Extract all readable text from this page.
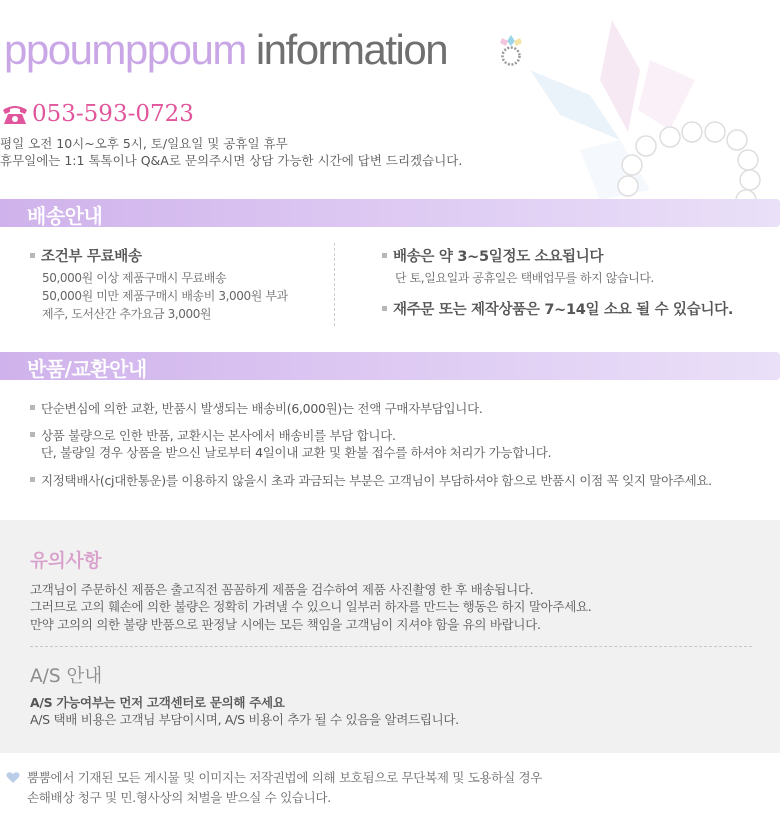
ppoumppoum information
053-593-0723
평일 오전 10시~오후 5시, 토/일요일 및 공휴일 휴무
휴무일에는 1:1 톡톡이나 Q&A로 문의주시면 상담 가능한 시간에 답변 드리겠습니다.
배송안내
조건부 무료배송
50,000원 이상 제품구매시 무료배송
50,000원 미만 제품구매시 배송비 3,000원 부과
제주, 도서산간 추가요금 3,000원
배송은 약 3~5일정도 소요됩니다
단 토,일요일과 공휴일은 택배업무를 하지 않습니다.
재주문 또는 제작상품은 7~14일 소요 될 수 있습니다.
반품/교환안내
단순변심에 의한 교환, 반품시 발생되는 배송비(6,000원)는 전액 구매자부담입니다.
상품 불량으로 인한 반품, 교환시는 본사에서 배송비를 부담 합니다.
단, 불량일 경우 상품을 받으신 날로부터 4일이내 교환 및 환불 접수를 하셔야 처리가 가능합니다.
지정택배사(cj대한통운)를 이용하지 않을시 초과 과금되는 부분은 고객님이 부담하셔야 함으로 반품시 이점 꼭 잊지 말아주세요.
유의사항
고객님이 주문하신 제품은 출고직전 꼼꼼하게 제품을 검수하여 제품 사진촬영 한 후 배송됩니다.
그러므로 고의 훼손에 의한 불량은 정확히 가려낼 수 있으니 일부러 하자를 만드는 행동은 하지 말아주세요.
만약 고의의 의한 불량 반품으로 판정날 시에는 모든 책임을 고객님이 지셔야 함을 유의 바랍니다.
A/S 안내
A/S 가능여부는 먼저 고객센터로 문의해 주세요
A/S 택배 비용은 고객님 부담이시며, A/S 비용이 추가 될 수 있음을 알려드립니다.
뿜뿜에서 기재된 모든 게시물 및 이미지는 저작권법에 의해 보호됨으로 무단복제 및 도용하실 경우
손해배상 청구 및 민.형사상의 처벌을 받으실 수 있습니다.
